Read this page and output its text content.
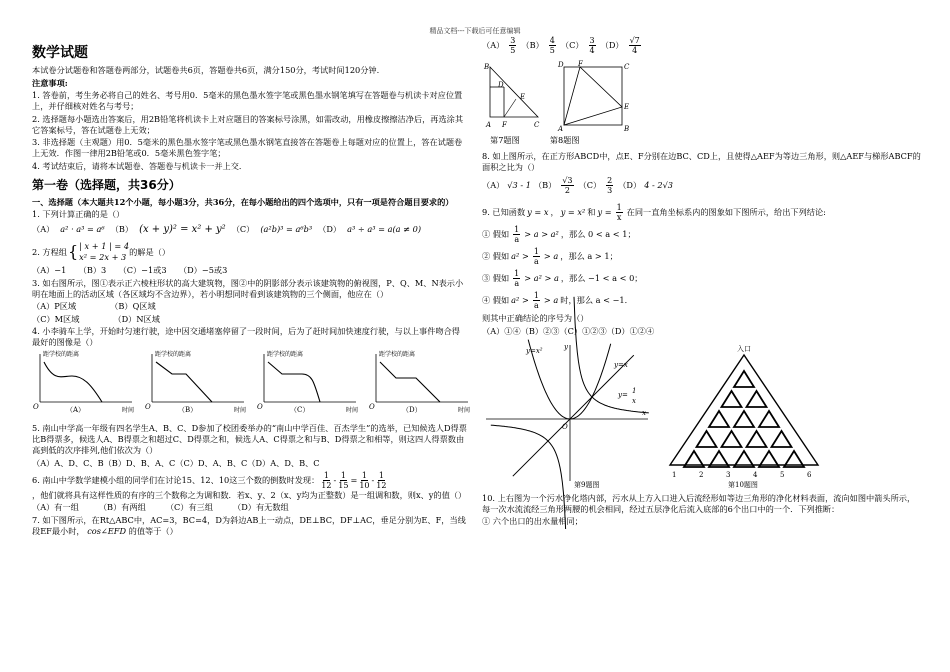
精品文档---下载后可任意编辑
数学试题

本试卷分试题卷和答题卷两部分，试题卷共6页，答题卷共6页，满分150分，考试时间120分钟.

注意事项:

1. 答卷前，考生务必将自己的姓名、考号用0．5毫米的黑色墨水签字笔或黑色墨水钢笔填写在答题卷与机读卡对应位置上，并仔细核对姓名与考号；

2. 选择题每小题选出答案后，用2B铅笔将机读卡上对应题目的答案标号涂黑，如需改动，用橡皮擦擦洁净后，再选涂其它答案标号，答在试题卷上无效；

3. 非选择题（主观题）用0．5毫米的黑色墨水签字笔或黑色墨水钢笔直接答在答题卷上每题对应的位置上，答在试题卷上无效．作图一律用2B铅笔或0．5毫米黑色签字笔；

4. 考试结束后，请将本试题卷、答题卷与机读卡一并上交．

第一卷（选择题，共36分）

一、选择题（本大题共12个小题，每小题3分，共36分，在每小题给出的四个选项中，只有一项是符合题目要求的）

1. 下列计算正确的是（）

（A） a² · a³ = a⁶ （B） (x + y)² = x² + y² （C） (a²b)³ = a⁶b³ （D） a³ ÷ a³ = a(a ≠ 0)

2. 方程组 { | x + 1 | = 4
x² = 2x + 3
的解是（）

（A）−1　　（B）3　　（C）−1或3　　（D）−5或3

3. 如右图所示，图①表示正六棱柱形状的高大建筑物，图②中的阴影部分表示该建筑物的俯视图，P、Q、M、N表示小明在地面上的活动区域（各区域均不含边界），若小明想同时看到该建筑物的三个侧面，他应在（）

（A）P区域	（B）Q区域

（C）M区域	（D）N区域

4. 小李骑车上学，开始时匀速行驶，途中因交通堵塞停留了一段时间，后为了赶时间加快速度行驶，与以上事件吻合得最好的图像是（）

距学校的距离
时间
O	（A）
距学校的距离
时间
O	（B）
距学校的距离
时间
O	（C）
距学校的距离
时间
O	（D）

5. 南山中学高一年级有四名学生A、B、C、D参加了校团委举办的“南山中学百佳、百杰学生”的选举，已知候选人D得票比B得票多，候选人A、B得票之和超过C、D得票之和，候选人A、C得票之和与B、D得票之和相等，则这四人得票数由高到低的次序排列,他们依次为（）

（A）A、D、C、B（B）D、B、A、C（C）D、A、B、C（D）A、D、B、C

6. 南山中学数学建模小组的同学们在讨论15、12、10这三个数的倒数时发现： $\frac{1}{12} - \frac{1}{15} = \frac{1}{10} - \frac{1}{12}$

，他们就将具有这样性质的有序的三个数称之为调和数．若x、y、2（x、y均为正整数）是一组调和数，则x、y的值（）

（A）有一组 （B）有两组 （C）有三组 （D）有无数组

7. 如下图所示，在Rt△ABC中，AC=3，BC=4，D为斜边AB上一动点，DE⊥BC，DF⊥AC，垂足分别为E、F，当线段EF最小时， cos∠EFD 的值等于（）

$(A) \frac{3}{5} (B) \frac{4}{5} (C) \frac{3}{4} (D) \frac{√7}{4}$
B
D
E
A F	C
D F	C
E
A	B
第7题图	第8题图

8. 如上图所示，在正方形ABCD中，点E、F分别在边BC、CD上，且使得△AEF为等边三角形，则△AEF与梯形ABCF的面积之比为（）

（A） √3 - 1 $(B) \frac{√3}{2} (C) \frac{2}{3} (D)$ 4 - 2√3
9. 已知函数 y = x ， y = x² 和 $y = \frac{1}{x}$ 在同一直角坐标系内的图象如下图所示，给出下列结论:
① 假如 $\frac{1}{a} > a > a^2$ ，那么 0 < a < 1；
② 假如 $a^2 > \frac{1}{a} > a$ ，那么 a > 1；
③ 假如 $\frac{1}{a} > a^2 > a$ ，那么 −1 < a < 0；
④ 假如 $a^2 > \frac{1}{a} > a$ 时，那么 a < −1．

则其中正确结论的序号为（）

（A）①④（B）②③（C）①②③（D）①②④

y=x²
y=x
y= 1
x
x
y
O
第9题图
入口
1	2	3	4	5	6
第10题图

10. 上右图为一个污水净化塔内部，污水从上方入口进入后流经形如等边三角形的净化材料表面，流向如图中箭头所示，每一次水流流经三角形两腰的机会相同，经过五层净化后流入底部的6个出口中的一个．下列推断：

① 六个出口的出水量相同；
